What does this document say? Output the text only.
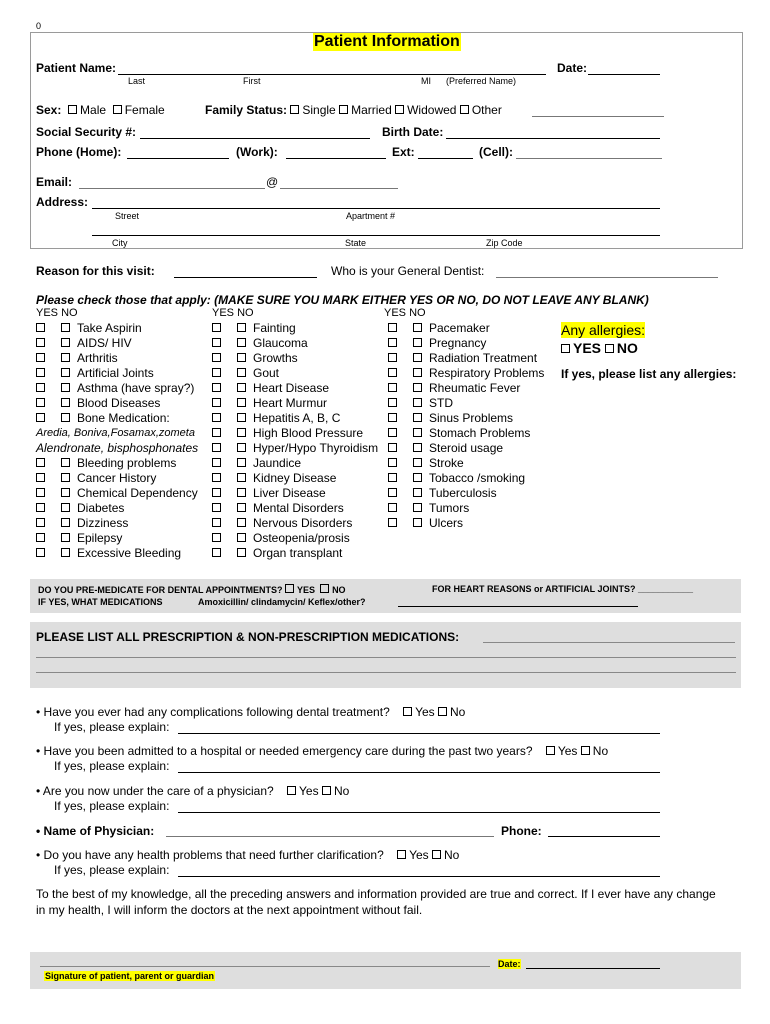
0
Patient Information
Patient Name:	Date:
Last	First	MI (Preferred Name)
Sex: Male Female	Family Status: Single Married Widowed Other
Social Security #:	Birth Date:
Phone (Home):	(Work):	Ext:	(Cell):
Email:	@
Address:
Street	Apartment #
City	State	Zip Code
Reason for this visit:	Who is your General Dentist:
Please check those that apply: (MAKE SURE YOU MARK EITHER YES OR NO, DO NOT LEAVE ANY BLANK)
YES NO	YES NO	YES NO
Take Aspirin
AIDS/ HIV
Arthritis
Artificial Joints
Asthma (have spray?)
Blood Diseases
Bone Medication:
Aredia, Boniva,Fosamax,zometa
Alendronate, bisphosphonates
Bleeding problems
Cancer History
Chemical Dependency
Diabetes
Dizziness
Epilepsy
Excessive Bleeding
Fainting
Glaucoma
Growths
Gout
Heart Disease
Heart Murmur
Hepatitis A, B, C
High Blood Pressure
Hyper/Hypo Thyroidism
Jaundice
Kidney Disease
Liver Disease
Mental Disorders
Nervous Disorders
Osteopenia/prosis
Organ transplant
Pacemaker
Pregnancy
Radiation Treatment
Respiratory Problems
Rheumatic Fever
STD
Sinus Problems
Stomach Problems
Steroid usage
Stroke
Tobacco /smoking
Tuberculosis
Tumors
Ulcers
Any allergies:
YES NO
If yes, please list any allergies:
DO YOU PRE-MEDICATE FOR DENTAL APPOINTMENTS? YES NO	FOR HEART REASONS or ARTIFICIAL JOINTS? ___________
IF YES, WHAT MEDICATIONS	Amoxicillin/ clindamycin/ Keflex/other?
PLEASE LIST ALL PRESCRIPTION & NON-PRESCRIPTION MEDICATIONS:
• Have you ever had any complications following dental treatment? Yes No
If yes, please explain:
• Have you been admitted to a hospital or needed emergency care during the past two years? Yes No
If yes, please explain:
• Are you now under the care of a physician? Yes No
If yes, please explain:
• Name of Physician:	Phone:
• Do you have any health problems that need further clarification? Yes No
If yes, please explain:
To the best of my knowledge, all the preceding answers and information provided are true and correct. If I ever have any change in my health, I will inform the doctors at the next appointment without fail.
Date:
Signature of patient, parent or guardian
